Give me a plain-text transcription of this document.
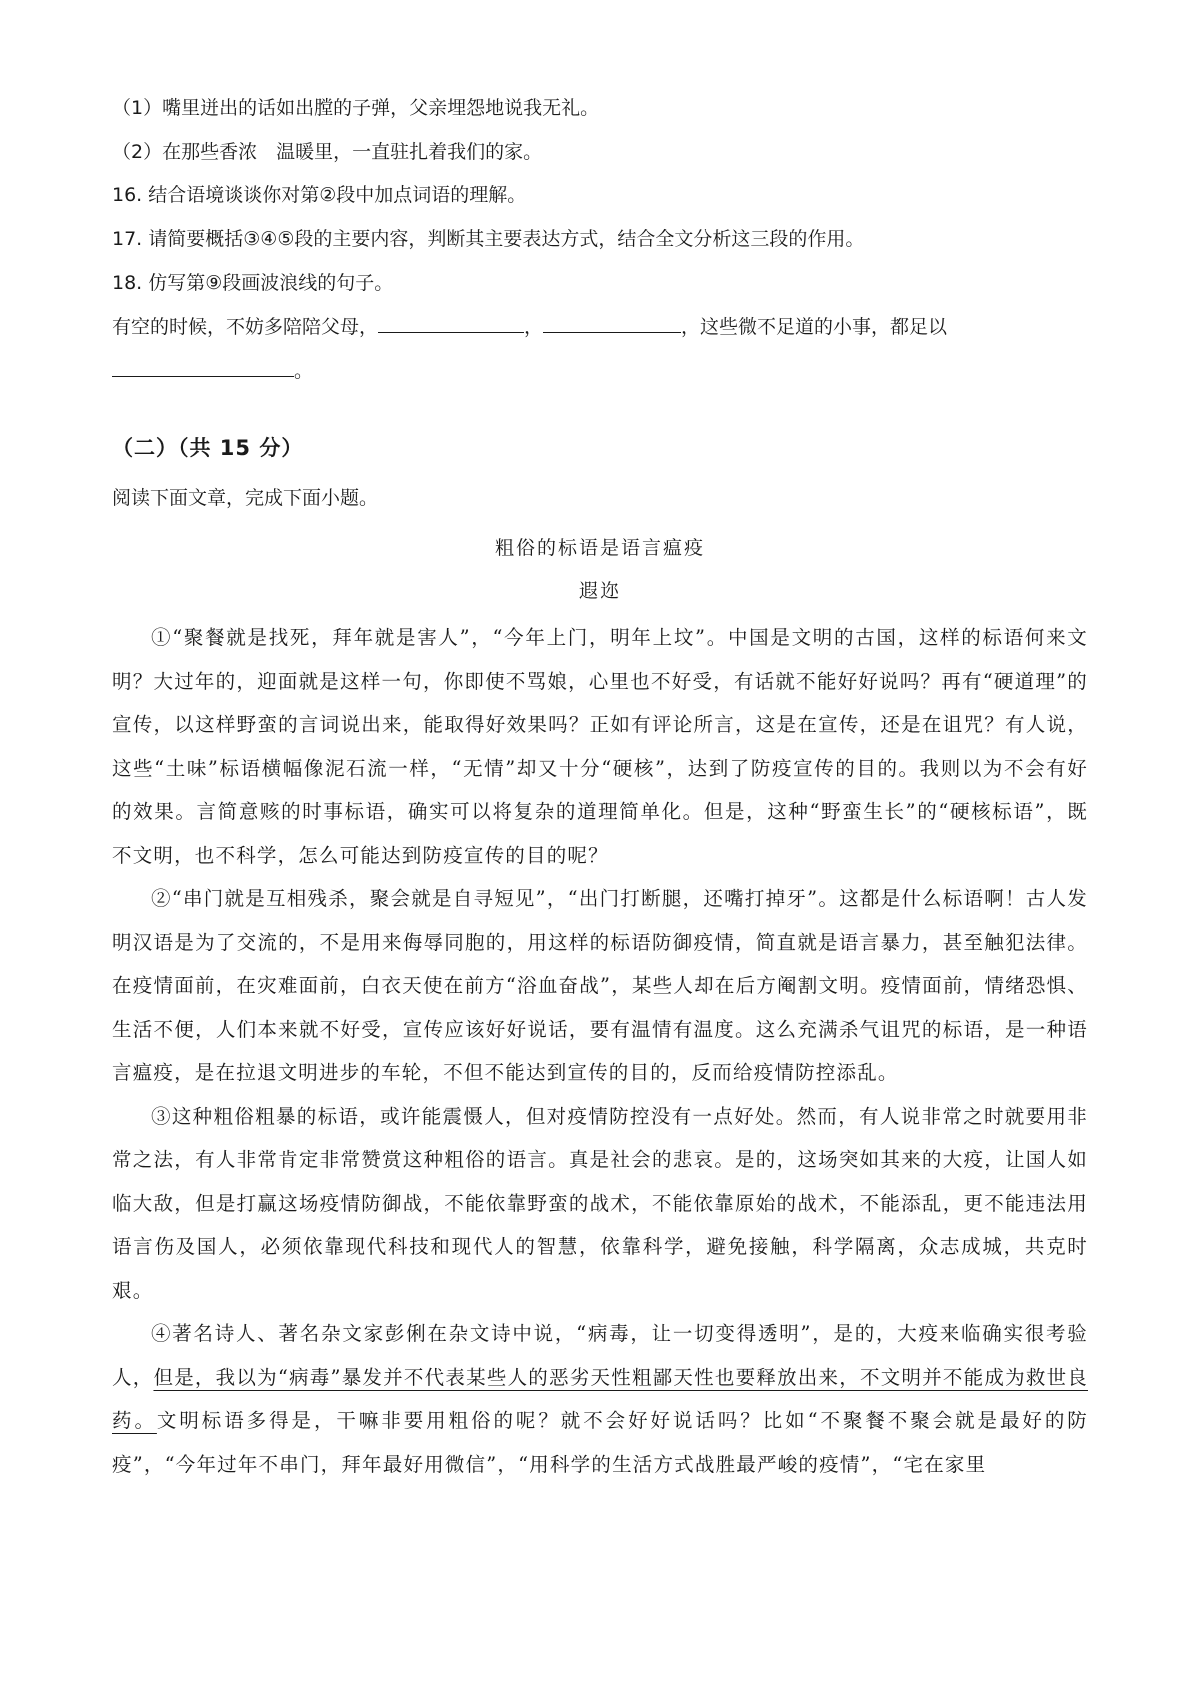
（1）嘴里迸出的话如出膛的子弹，父亲埋怨地说我无礼。
（2）在那些香浓　温暖里，一直驻扎着我们的家。
16. 结合语境谈谈你对第②段中加点词语的理解。
17. 请简要概括③④⑤段的主要内容，判断其主要表达方式，结合全文分析这三段的作用。
18. 仿写第⑨段画波浪线的句子。
有空的时候，不妨多陪陪父母，	，	，这些微不足道的小事，都足以
。
（二）（共 15 分）
阅读下面文章，完成下面小题。
粗俗的标语是语言瘟疫
遐迩

①“聚餐就是找死，拜年就是害人”，“今年上门，明年上坟”。中国是文明的古国，这样的标语何来文明？大过年的，迎面就是这样一句，你即使不骂娘，心里也不好受，有话就不能好好说吗？再有“硬道理”的宣传，以这样野蛮的言词说出来，能取得好效果吗？正如有评论所言，这是在宣传，还是在诅咒？有人说，这些“土味”标语横幅像泥石流一样，“无情”却又十分“硬核”，达到了防疫宣传的目的。我则以为不会有好的效果。言简意赅的时事标语，确实可以将复杂的道理简单化。但是，这种“野蛮生长”的“硬核标语”，既不文明，也不科学，怎么可能达到防疫宣传的目的呢？

②“串门就是互相残杀，聚会就是自寻短见”，“出门打断腿，还嘴打掉牙”。这都是什么标语啊！古人发明汉语是为了交流的，不是用来侮辱同胞的，用这样的标语防御疫情，简直就是语言暴力，甚至触犯法律。在疫情面前，在灾难面前，白衣天使在前方“浴血奋战”，某些人却在后方阉割文明。疫情面前，情绪恐惧、生活不便，人们本来就不好受，宣传应该好好说话，要有温情有温度。这么充满杀气诅咒的标语，是一种语言瘟疫，是在拉退文明进步的车轮，不但不能达到宣传的目的，反而给疫情防控添乱。

③这种粗俗粗暴的标语，或许能震慑人，但对疫情防控没有一点好处。然而，有人说非常之时就要用非常之法，有人非常肯定非常赞赏这种粗俗的语言。真是社会的悲哀。是的，这场突如其来的大疫，让国人如临大敌，但是打赢这场疫情防御战，不能依靠野蛮的战术，不能依靠原始的战术，不能添乱，更不能违法用语言伤及国人，必须依靠现代科技和现代人的智慧，依靠科学，避免接触，科学隔离，众志成城，共克时艰。

④著名诗人、著名杂文家彭俐在杂文诗中说，“病毒，让一切变得透明”，是的，大疫来临确实很考验人，但是，我以为“病毒”暴发并不代表某些人的恶劣天性粗鄙天性也要释放出来，不文明并不能成为救世良药。文明标语多得是，干嘛非要用粗俗的呢？就不会好好说话吗？比如“不聚餐不聚会就是最好的防疫”，“今年过年不串门，拜年最好用微信”，“用科学的生活方式战胜最严峻的疫情”，“宅在家里
